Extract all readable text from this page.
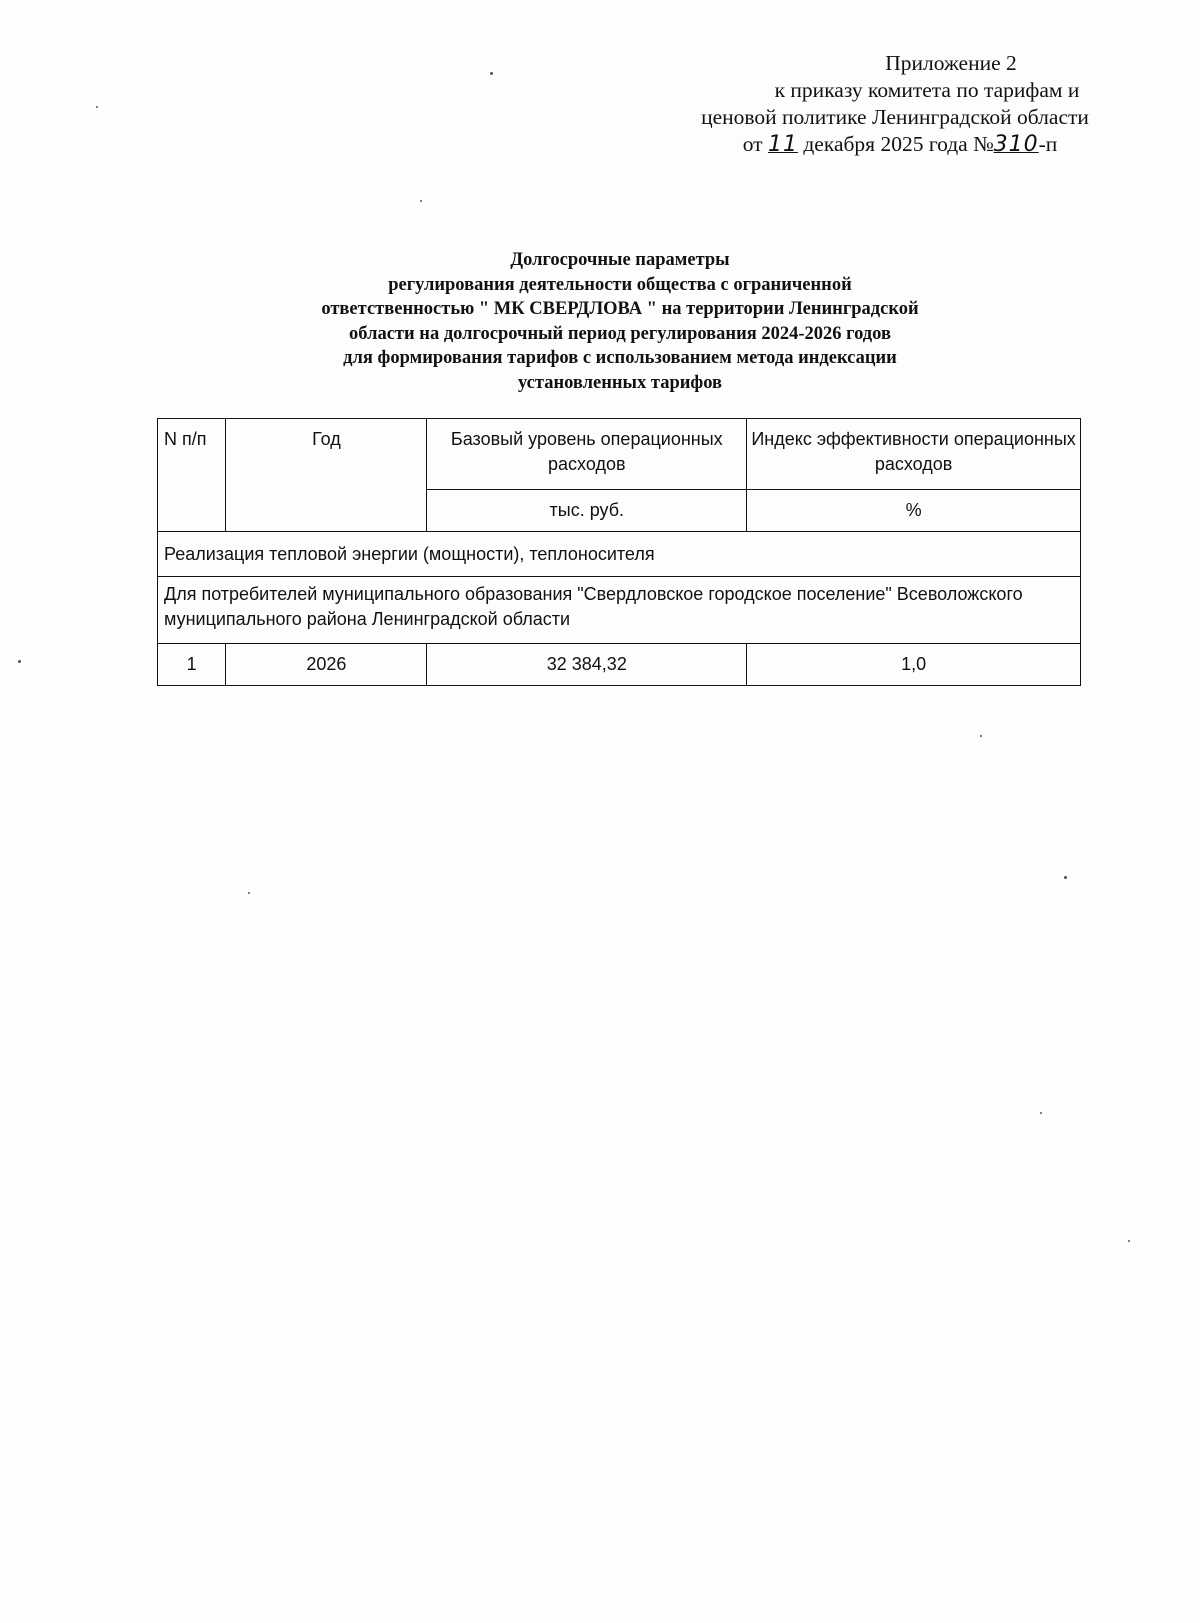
Приложение 2
к приказу комитета по тарифам и
ценовой политике Ленинградской области
от 11 декабря 2025 года №310-п
Долгосрочные параметры
регулирования деятельности общества с ограниченной
ответственностью " МК СВЕРДЛОВА " на территории Ленинградской
области на долгосрочный период регулирования 2024-2026 годов
для формирования тарифов с использованием метода индексации
установленных тарифов
N п/п	Год	Базовый уровень операционных расходов	Индекс эффективности операционных расходов
		тыс. руб.	%
Реализация тепловой энергии (мощности), теплоносителя			
Для потребителей муниципального образования "Свердловское городское поселение" Всеволожского муниципального района Ленинградской области			
1	2026	32 384,32	1,0
